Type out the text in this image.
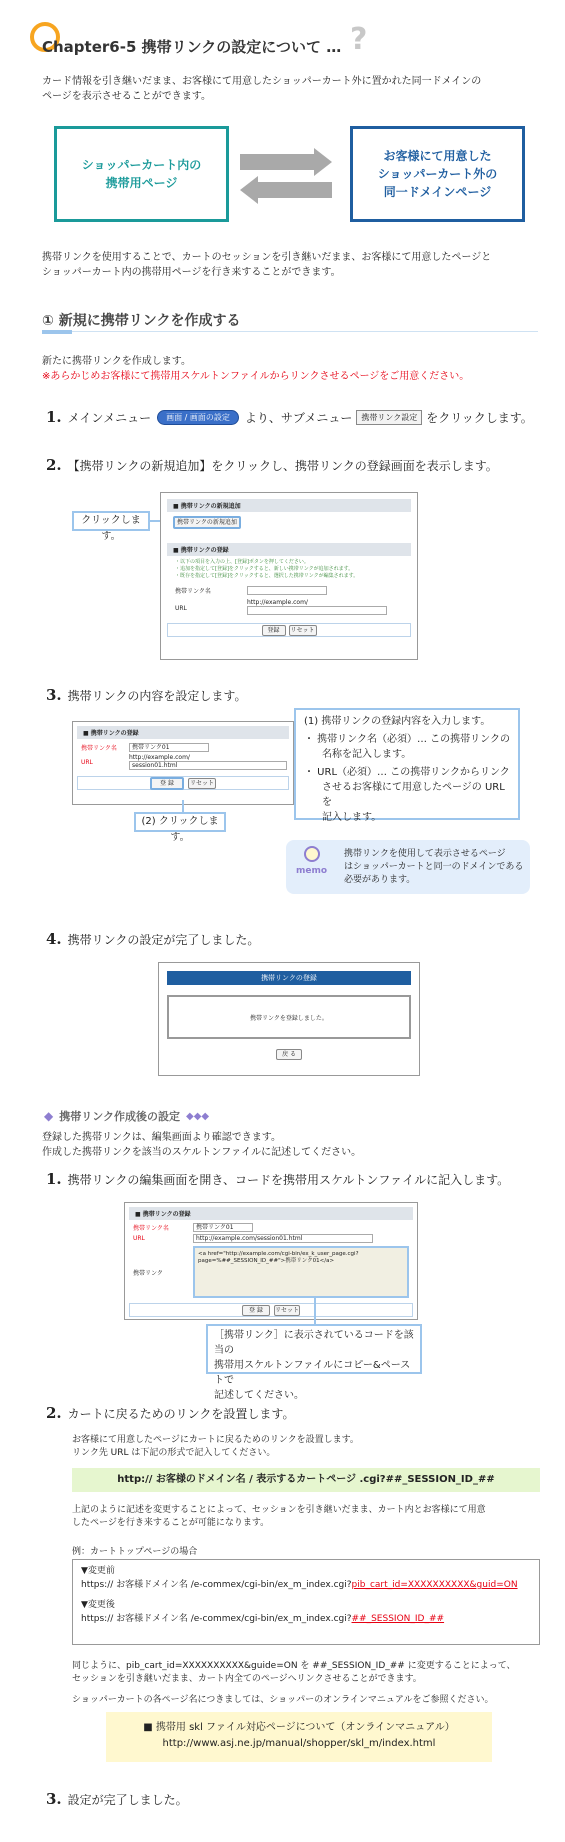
Chapter6-5 携帯リンクの設定について … ?
カード情報を引き継いだまま、お客様にて用意したショッパーカート外に置かれた同一ドメインの
ページを表示させることができます。
ショッパーカート内の
携帯用ページ
お客様にて用意した
ショッパーカート外の
同一ドメインページ
携帯リンクを使用することで、カートのセッションを引き継いだまま、お客様にて用意したページと
ショッパーカート内の携帯用ページを行き来することができます。
① 新規に携帯リンクを作成する
新たに携帯リンクを作成します。
※あらかじめお客様にて携帯用スケルトンファイルからリンクさせるページをご用意ください。
1. メインメニュー	画面 / 画面の設定	より、サブメニュー	携帯リンク設定 をクリックします。
2. 【携帯リンクの新規追加】をクリックし、携帯リンクの登録画面を表示します。
クリックします。
■ 携帯リンクの新規追加
携帯リンクの新規追加
■ 携帯リンクの登録
・以下の項目を入力の上、[登録]ボタンを押してください。
・追加を指定して[登録]をクリックすると、新しい携帯リンクが追加されます。
・既存を指定して[登録]をクリックすると、選択した携帯リンクが編集されます。
携帯リンク名
URL
http://example.com/
登録	リセット
3. 携帯リンクの内容を設定します。
■ 携帯リンクの登録
携帯リンク名	携帯リンク01
URL
http://example.com/
session01.html
登 録	リセット
(1) 携帯リンクの登録内容を入力します。
・ 携帯リンク名（必須）… この携帯リンクの
名称を記入します。
・ URL（必須）… この携帯リンクからリンク
させるお客様にて用意したページの URL を
記入します。
(2) クリックします。
memo
携帯リンクを使用して表示させるページ
はショッパーカートと同一のドメインである
必要があります。
4. 携帯リンクの設定が完了しました。
携帯リンクの登録
携帯リンクを登録しました。
戻 る
◆ 携帯リンク作成後の設定 ◆◆◆
登録した携帯リンクは、編集画面より確認できます。
作成した携帯リンクを該当のスケルトンファイルに記述してください。
1. 携帯リンクの編集画面を開き、コードを携帯用スケルトンファイルに記入します。
■ 携帯リンクの登録
携帯リンク名	携帯リンク01
URL	http://example.com/session01.html
携帯リンク
<a href="http://example.com/cgi-bin/ex_k_user_page.cgi?
page=%##_SESSION_ID_##">携帯リンク01</a>
登 録	リセット
［携帯リンク］に表示されているコードを該当の
携帯用スケルトンファイルにコピー&ペーストで
記述してください。
2. カートに戻るためのリンクを設置します。
お客様にて用意したページにカートに戻るためのリンクを設置します。
リンク先 URL は下記の形式で記入してください。
http:// お客様のドメイン名 / 表示するカートページ .cgi?##_SESSION_ID_##
上記のように記述を変更することによって、セッションを引き継いだまま、カート内とお客様にて用意
したページを行き来することが可能になります。
例：カートトップページの場合
▼変更前
https:// お客様ドメイン名 /e-commex/cgi-bin/ex_m_index.cgi?pib_cart_id=XXXXXXXXXX&guid=ON
▼変更後
https:// お客様ドメイン名 /e-commex/cgi-bin/ex_m_index.cgi?##_SESSION_ID_##
同じように、pib_cart_id=XXXXXXXXXX&guide=ON を ##_SESSION_ID_## に変更することによって、
セッションを引き継いだまま、カート内全てのページへリンクさせることができます。
ショッパーカートの各ページ名につきましては、ショッパーのオンラインマニュアルをご参照ください。
■ 携帯用 skl ファイル対応ページについて（オンラインマニュアル）
http://www.asj.ne.jp/manual/shopper/skl_m/index.html
3. 設定が完了しました。
